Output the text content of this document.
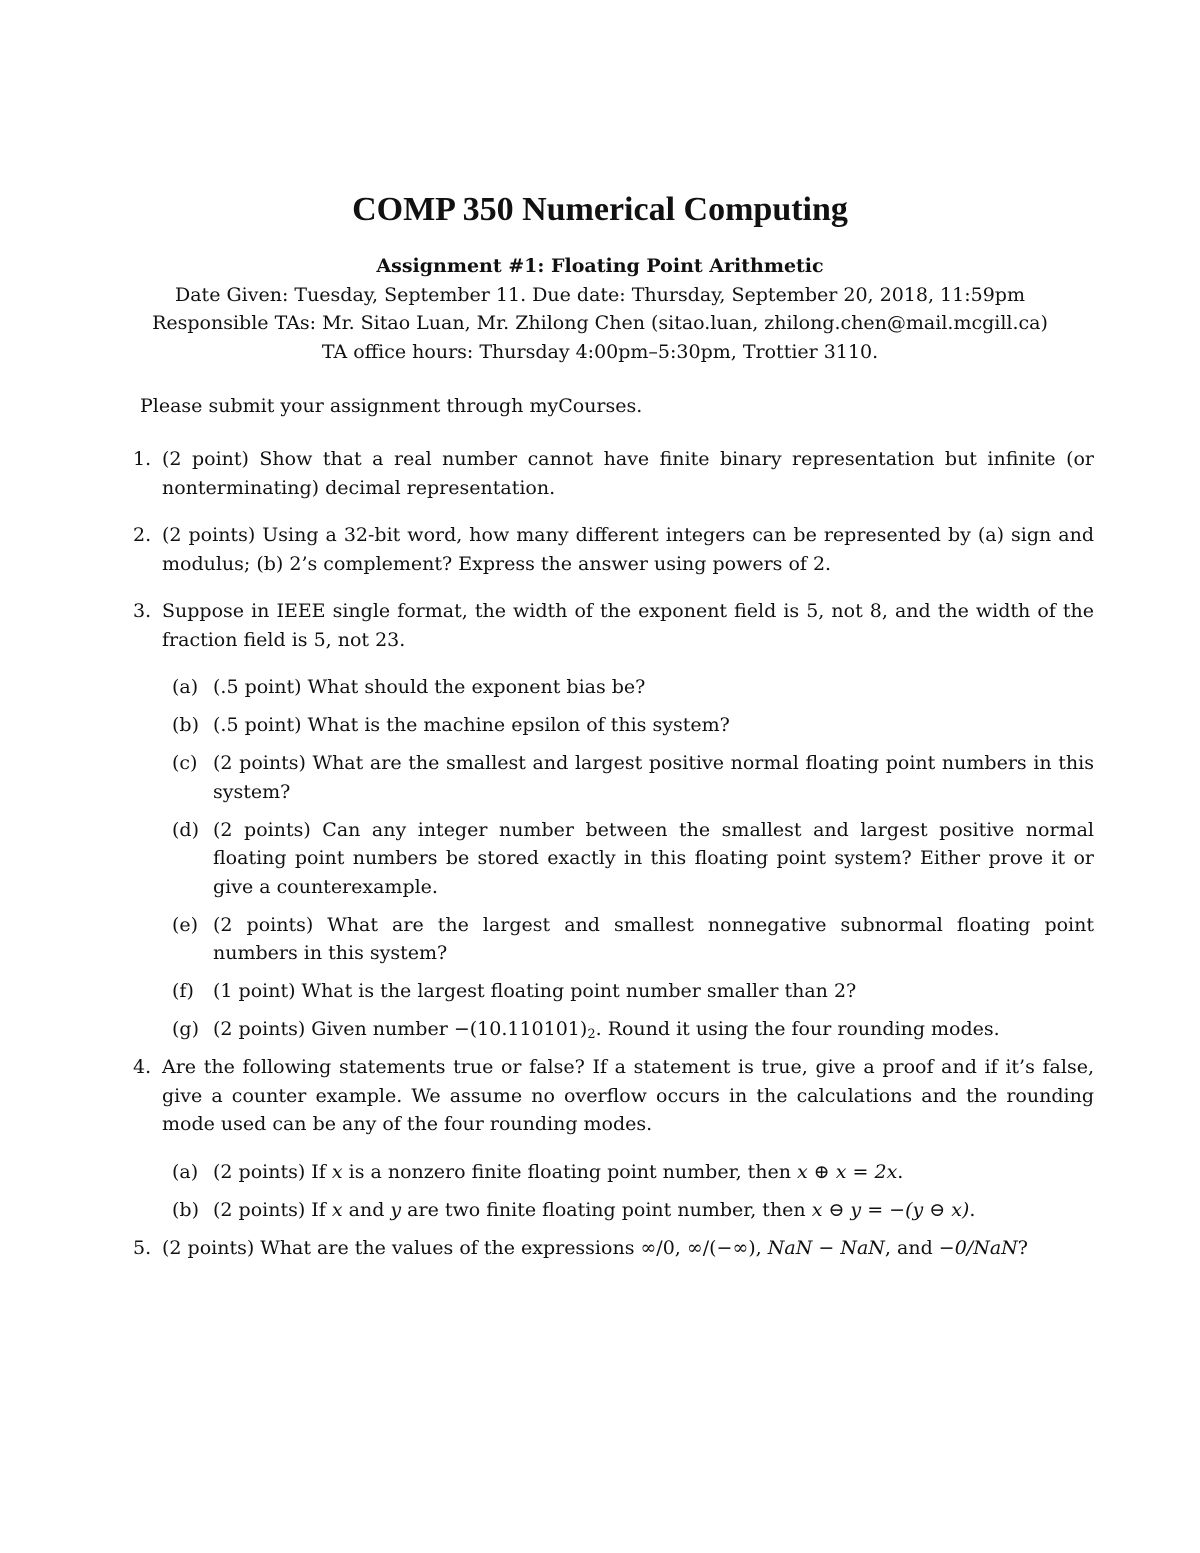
COMP 350 Numerical Computing
Assignment #1: Floating Point Arithmetic
Date Given: Tuesday, September 11. Due date: Thursday, September 20, 2018, 11:59pm
Responsible TAs: Mr. Sitao Luan, Mr. Zhilong Chen (sitao.luan, zhilong.chen@mail.mcgill.ca)
TA office hours: Thursday 4:00pm–5:30pm, Trottier 3110.
Please submit your assignment through myCourses.
1. (2 point) Show that a real number cannot have finite binary representation but infinite (or nonterminating) decimal representation.
2. (2 points) Using a 32-bit word, how many different integers can be represented by (a) sign and modulus; (b) 2’s complement? Express the answer using powers of 2.
3. Suppose in IEEE single format, the width of the exponent field is 5, not 8, and the width of the fraction field is 5, not 23.
(a) (.5 point) What should the exponent bias be?
(b) (.5 point) What is the machine epsilon of this system?
(c) (2 points) What are the smallest and largest positive normal floating point numbers in this system?
(d) (2 points) Can any integer number between the smallest and largest positive normal floating point numbers be stored exactly in this floating point system? Either prove it or give a counterexample.
(e) (2 points) What are the largest and smallest nonnegative subnormal floating point numbers in this system?
(f) (1 point) What is the largest floating point number smaller than 2?
(g) (2 points) Given number $-(10.110101)_2$. Round it using the four rounding modes.
4. Are the following statements true or false? If a statement is true, give a proof and if it’s false, give a counter example. We assume no overflow occurs in the calculations and the rounding mode used can be any of the four rounding modes.
(a) (2 points) If x is a nonzero finite floating point number, then x ⊕ x = 2x.
(b) (2 points) If x and y are two finite floating point number, then x ⊖ y = −(y ⊖ x).
5. (2 points) What are the values of the expressions ∞/0, ∞/(−∞), NaN − NaN, and −0/NaN?
